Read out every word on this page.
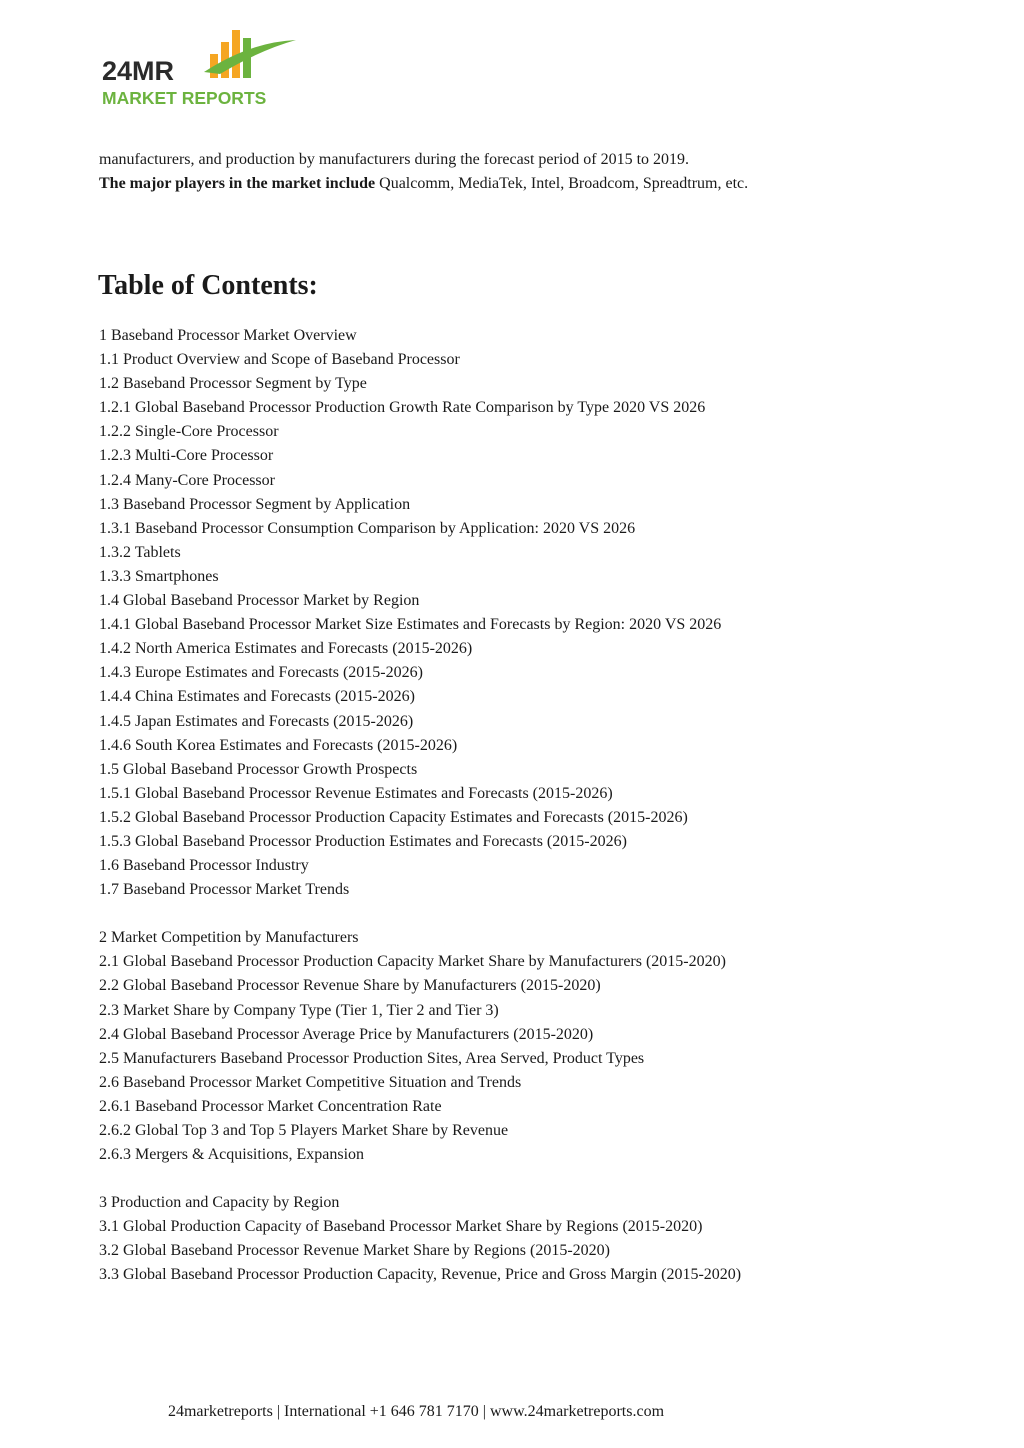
24MR
MARKET REPORTS

manufacturers, and production by manufacturers during the forecast period of 2015 to 2019.

The major players in the market include Qualcomm, MediaTek, Intel, Broadcom, Spreadtrum, etc.

Table of Contents:
1 Baseband Processor Market Overview
1.1 Product Overview and Scope of Baseband Processor
1.2 Baseband Processor Segment by Type
1.2.1 Global Baseband Processor Production Growth Rate Comparison by Type 2020 VS 2026
1.2.2 Single-Core Processor
1.2.3 Multi-Core Processor
1.2.4 Many-Core Processor
1.3 Baseband Processor Segment by Application
1.3.1 Baseband Processor Consumption Comparison by Application: 2020 VS 2026
1.3.2 Tablets
1.3.3 Smartphones
1.4 Global Baseband Processor Market by Region
1.4.1 Global Baseband Processor Market Size Estimates and Forecasts by Region: 2020 VS 2026
1.4.2 North America Estimates and Forecasts (2015-2026)
1.4.3 Europe Estimates and Forecasts (2015-2026)
1.4.4 China Estimates and Forecasts (2015-2026)
1.4.5 Japan Estimates and Forecasts (2015-2026)
1.4.6 South Korea Estimates and Forecasts (2015-2026)
1.5 Global Baseband Processor Growth Prospects
1.5.1 Global Baseband Processor Revenue Estimates and Forecasts (2015-2026)
1.5.2 Global Baseband Processor Production Capacity Estimates and Forecasts (2015-2026)
1.5.3 Global Baseband Processor Production Estimates and Forecasts (2015-2026)
1.6 Baseband Processor Industry
1.7 Baseband Processor Market Trends
2 Market Competition by Manufacturers
2.1 Global Baseband Processor Production Capacity Market Share by Manufacturers (2015-2020)
2.2 Global Baseband Processor Revenue Share by Manufacturers (2015-2020)
2.3 Market Share by Company Type (Tier 1, Tier 2 and Tier 3)
2.4 Global Baseband Processor Average Price by Manufacturers (2015-2020)
2.5 Manufacturers Baseband Processor Production Sites, Area Served, Product Types
2.6 Baseband Processor Market Competitive Situation and Trends
2.6.1 Baseband Processor Market Concentration Rate
2.6.2 Global Top 3 and Top 5 Players Market Share by Revenue
2.6.3 Mergers & Acquisitions, Expansion
3 Production and Capacity by Region
3.1 Global Production Capacity of Baseband Processor Market Share by Regions (2015-2020)
3.2 Global Baseband Processor Revenue Market Share by Regions (2015-2020)
3.3 Global Baseband Processor Production Capacity, Revenue, Price and Gross Margin (2015-2020)
24marketreports | International +1 646 781 7170 | www.24marketreports.com
